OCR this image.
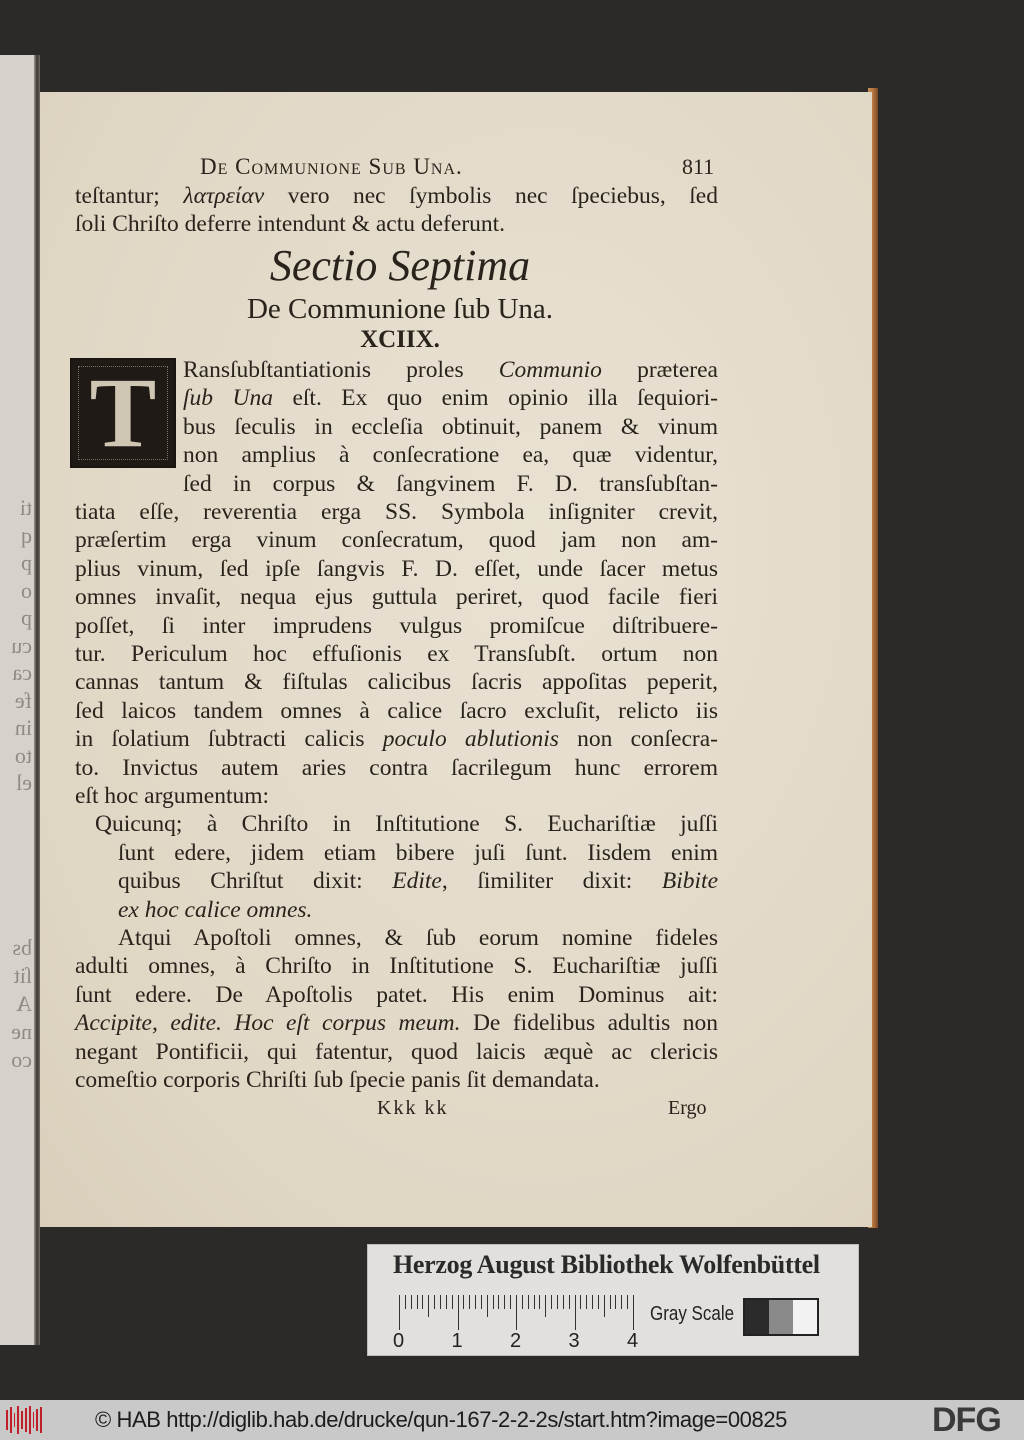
ti
q
p
o
p
cu
ca
fe
in
to
el
bs
ſit
A
ne
co
De Communione Sub Una.	811
teſtantur; λατρείαν vero nec ſymbolis nec ſpeciebus, ſed
ſoli Chriſto deferre intendunt & actu deferunt.
Sectio Septima
De Communione ſub Una.
XCIIX.
T Ransſubſtantiationis proles Communio præterea
ſub Una eſt. Ex quo enim opinio illa ſequiori-
bus ſeculis in eccleſia obtinuit, panem & vinum
non amplius à conſecratione ea, quæ videntur,
ſed in corpus & ſangvinem F. D. transſubſtan-
tiata eſſe, reverentia erga SS. Symbola inſigniter crevit,
præſertim erga vinum conſecratum, quod jam non am-
plius vinum, ſed ipſe ſangvis F. D. eſſet, unde ſacer metus
omnes invaſit, nequa ejus guttula periret, quod facile fieri
poſſet, ſi inter imprudens vulgus promiſcue diſtribuere-
tur. Periculum hoc effuſionis ex Transſubſt. ortum non
cannas tantum & fiſtulas calicibus ſacris appoſitas peperit,
ſed laicos tandem omnes à calice ſacro excluſit, relicto iis
in ſolatium ſubtracti calicis poculo ablutionis non conſecra-
to. Invictus autem aries contra ſacrilegum hunc errorem
eſt hoc argumentum:
Quicunq; à Chriſto in Inſtitutione S. Euchariſtiæ juſſi
ſunt edere, jidem etiam bibere juſi ſunt. Iisdem enim
quibus Chriſtut dixit: Edite, ſimiliter dixit: Bibite
ex hoc calice omnes.
Atqui Apoſtoli omnes, & ſub eorum nomine fideles
adulti omnes, à Chriſto in Inſtitutione S. Euchariſtiæ juſſi
ſunt edere. De Apoſtolis patet. His enim Dominus ait:
Accipite, edite. Hoc eſt corpus meum. De fidelibus adultis non
negant Pontificii, qui fatentur, quod laicis æquè ac clericis
comeſtio corporis Chriſti ſub ſpecie panis ſit demandata.
Kkk kk	Ergo
Herzog August Bibliothek Wolfenbüttel
0 1 2 3 4
Gray Scale
© HAB http://diglib.hab.de/drucke/qun-167-2-2-2s/start.htm?image=00825	DFG
